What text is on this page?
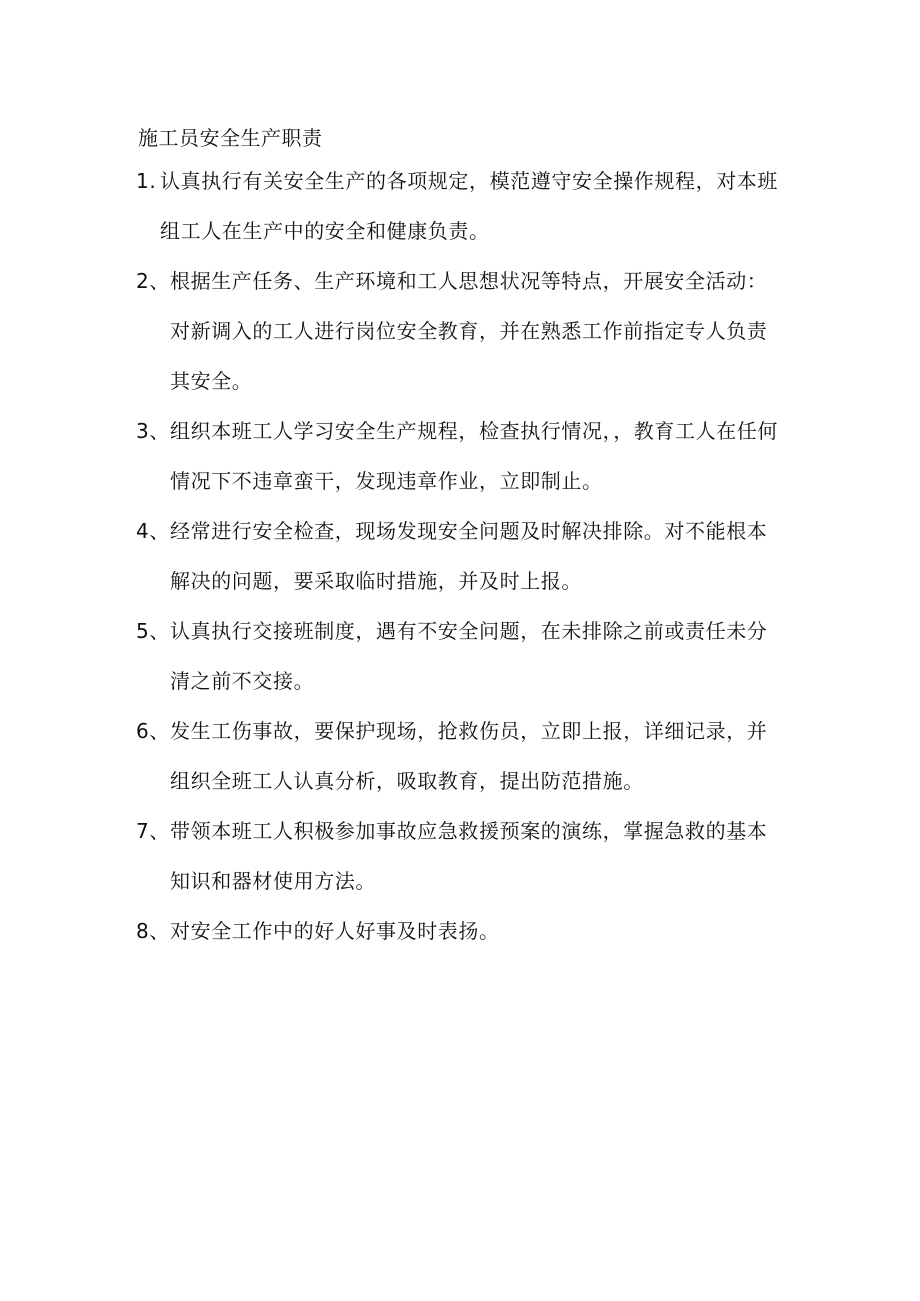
施工员安全生产职责
1. 认真执行有关安全生产的各项规定，模范遵守安全操作规程，对本班组工人在生产中的安全和健康负责。
2、 根据生产任务、生产环境和工人思想状况等特点，开展安全活动：对新调入的工人进行岗位安全教育，并在熟悉工作前指定专人负责其安全。
3、 组织本班工人学习安全生产规程，检查执行情况，，教育工人在任何情况下不违章蛮干，发现违章作业，立即制止。
4、 经常进行安全检查，现场发现安全问题及时解决排除。对不能根本解决的问题，要采取临时措施，并及时上报。
5、 认真执行交接班制度，遇有不安全问题，在未排除之前或责任未分清之前不交接。
6、 发生工伤事故，要保护现场，抢救伤员，立即上报，详细记录，并组织全班工人认真分析，吸取教育，提出防范措施。
7、 带领本班工人积极参加事故应急救援预案的演练，掌握急救的基本知识和器材使用方法。
8、 对安全工作中的好人好事及时表扬。
